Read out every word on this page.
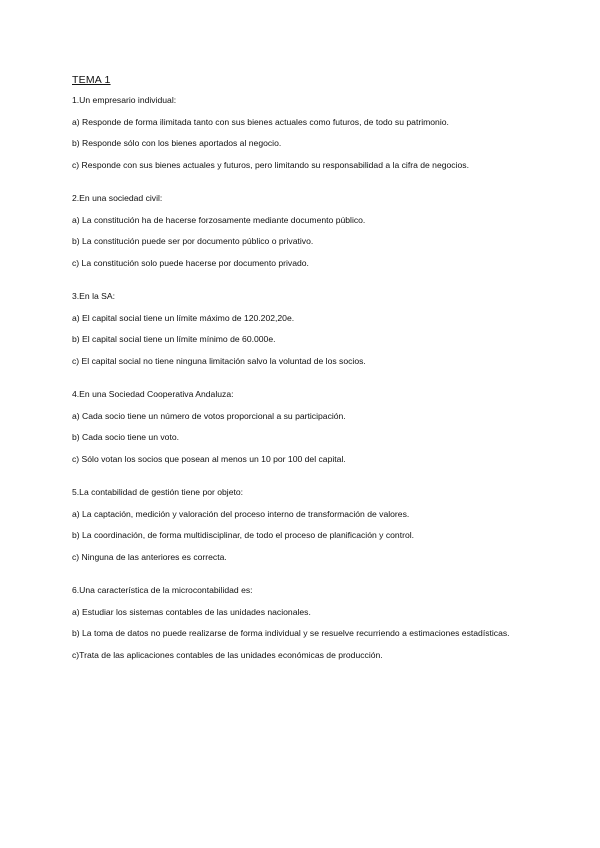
TEMA 1
1.Un empresario individual:
a) Responde de forma ilimitada tanto con sus bienes actuales como futuros, de todo su patrimonio.
b) Responde sólo con los bienes aportados al negocio.
c) Responde con sus bienes actuales y futuros, pero limitando su responsabilidad a la cifra de negocios.
2.En una sociedad civil:
a) La constitución ha de hacerse forzosamente mediante documento público.
b) La constitución puede ser por documento público o privativo.
c) La constitución solo puede hacerse por documento privado.
3.En la SA:
a) El capital social tiene un límite máximo de 120.202,20e.
b) El capital social tiene un límite mínimo de 60.000e.
c) El capital social no tiene ninguna limitación salvo la voluntad de los socios.
4.En una Sociedad Cooperativa Andaluza:
a) Cada socio tiene un número de votos proporcional a su participación.
b) Cada socio tiene un voto.
c) Sólo votan los socios que posean al menos un 10 por 100 del capital.
5.La contabilidad de gestión tiene por objeto:
a) La captación, medición y valoración del proceso interno de transformación de valores.
b) La coordinación, de forma multidisciplinar, de todo el proceso de planificación y control.
c) Ninguna de las anteriores es correcta.
6.Una característica de la microcontabilidad es:
a) Estudiar los sistemas contables de las unidades nacionales.
b) La toma de datos no puede realizarse de forma individual y se resuelve recurriendo a estimaciones estadísticas.
c)Trata de las aplicaciones contables de las unidades económicas de producción.
